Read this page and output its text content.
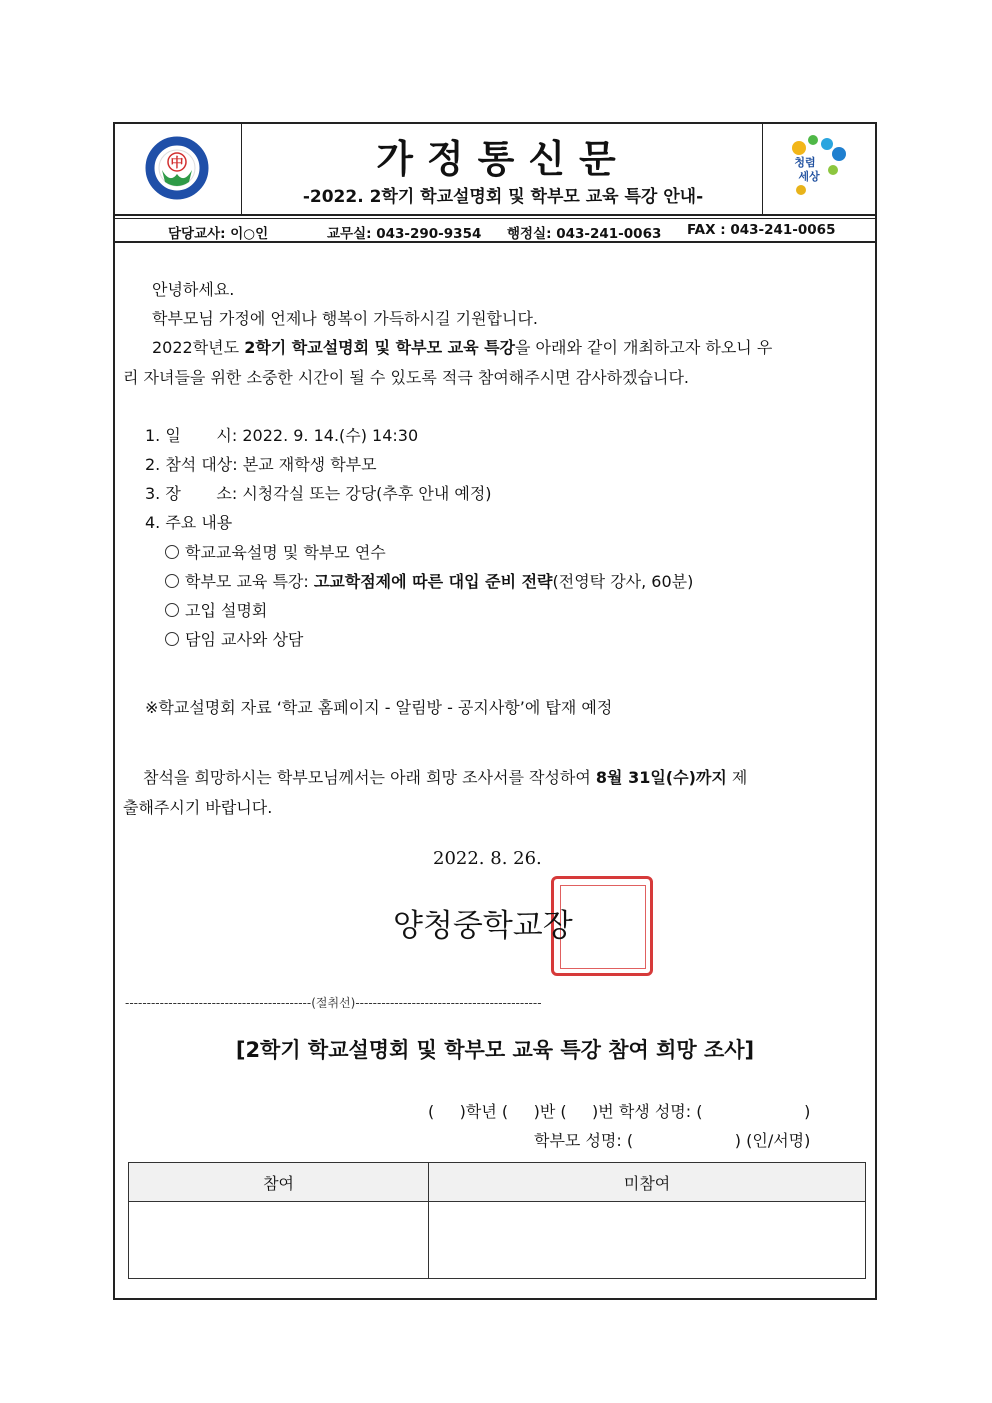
中	가정통신문
-2022. 2학기 학교설명회 및 학부모 교육 특강 안내-
청렴
세상
담당교사: 이○인	교무실: 043-290-9354 행정실: 043-241-0063 FAX : 043-241-0065
안녕하세요.
학부모님 가정에 언제나 행복이 가득하시길 기원합니다.
2022학년도 2학기 학교설명회 및 학부모 교육 특강을 아래와 같이 개최하고자 하오니 우
리 자녀들을 위한 소중한 시간이 될 수 있도록 적극 참여해주시면 감사하겠습니다.
1. 일       시: 2022. 9. 14.(수) 14:30
2. 참석 대상: 본교 재학생 학부모
3. 장       소: 시청각실 또는 강당(추후 안내 예정)
4. 주요 내용
학교교육설명 및 학부모 연수
학부모 교육 특강: 고교학점제에 따른 대입 준비 전략(전영탁 강사, 60분)
고입 설명회
담임 교사와 상담
※학교설명회 자료 ‘학교 홈페이지 - 알림방 - 공지사항’에 탑재 예정
참석을 희망하시는 학부모님께서는 아래 희망 조사서를 작성하여 8월 31일(수)까지 제
출해주시기 바랍니다.
2022. 8. 26.
양청중학교장
-------------------------------------------(절취선)-------------------------------------------
[2학기 학교설명회 및 학부모 교육 특강 참여 희망 조사]
(     )학년 (     )반 (     )번 학생 성명: (                    )
학부모 성명: (                    ) (인/서명)
참여	미참여
